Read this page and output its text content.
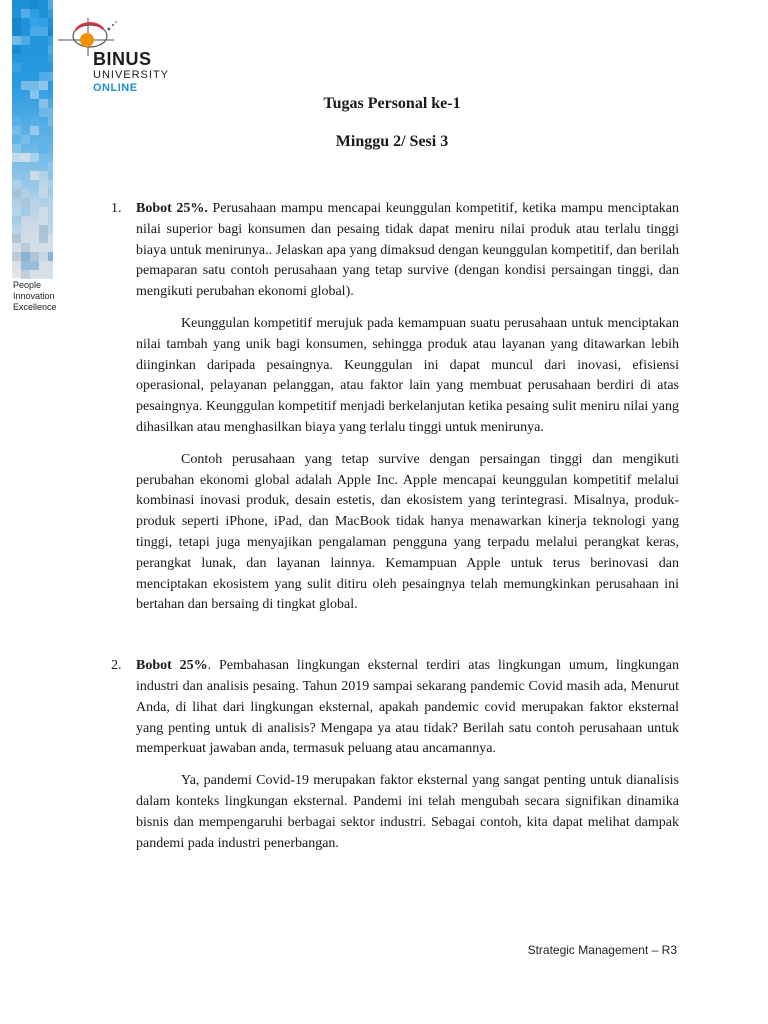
People
Innovation
Excellence
BINUS
UNIVERSITY
ONLINE
Tugas Personal ke-1
Minggu 2/ Sesi 3
1. Bobot 25%. Perusahaan mampu mencapai keunggulan kompetitif, ketika mampu menciptakan nilai superior bagi konsumen dan pesaing tidak dapat meniru nilai produk atau terlalu tinggi biaya untuk menirunya.. Jelaskan apa yang dimaksud dengan keunggulan kompetitif, dan berilah pemaparan satu contoh perusahaan yang tetap survive (dengan kondisi persaingan tinggi, dan mengikuti perubahan ekonomi global).

Keunggulan kompetitif merujuk pada kemampuan suatu perusahaan untuk menciptakan nilai tambah yang unik bagi konsumen, sehingga produk atau layanan yang ditawarkan lebih diinginkan daripada pesaingnya. Keunggulan ini dapat muncul dari inovasi, efisiensi operasional, pelayanan pelanggan, atau faktor lain yang membuat perusahaan berdiri di atas pesaingnya. Keunggulan kompetitif menjadi berkelanjutan ketika pesaing sulit meniru nilai yang dihasilkan atau menghasilkan biaya yang terlalu tinggi untuk menirunya.

Contoh perusahaan yang tetap survive dengan persaingan tinggi dan mengikuti perubahan ekonomi global adalah Apple Inc. Apple mencapai keunggulan kompetitif melalui kombinasi inovasi produk, desain estetis, dan ekosistem yang terintegrasi. Misalnya, produk-produk seperti iPhone, iPad, dan MacBook tidak hanya menawarkan kinerja teknologi yang tinggi, tetapi juga menyajikan pengalaman pengguna yang terpadu melalui perangkat keras, perangkat lunak, dan layanan lainnya. Kemampuan Apple untuk terus berinovasi dan menciptakan ekosistem yang sulit ditiru oleh pesaingnya telah memungkinkan perusahaan ini bertahan dan bersaing di tingkat global.

2. Bobot 25%. Pembahasan lingkungan eksternal terdiri atas lingkungan umum, lingkungan industri dan analisis pesaing. Tahun 2019 sampai sekarang pandemic Covid masih ada, Menurut Anda, di lihat dari lingkungan eksternal, apakah pandemic covid merupakan faktor eksternal yang penting untuk di analisis? Mengapa ya atau tidak? Berilah satu contoh perusahaan untuk memperkuat jawaban anda, termasuk peluang atau ancamannya.

Ya, pandemi Covid-19 merupakan faktor eksternal yang sangat penting untuk dianalisis dalam konteks lingkungan eksternal. Pandemi ini telah mengubah secara signifikan dinamika bisnis dan mempengaruhi berbagai sektor industri. Sebagai contoh, kita dapat melihat dampak pandemi pada industri penerbangan.

Strategic Management – R3
